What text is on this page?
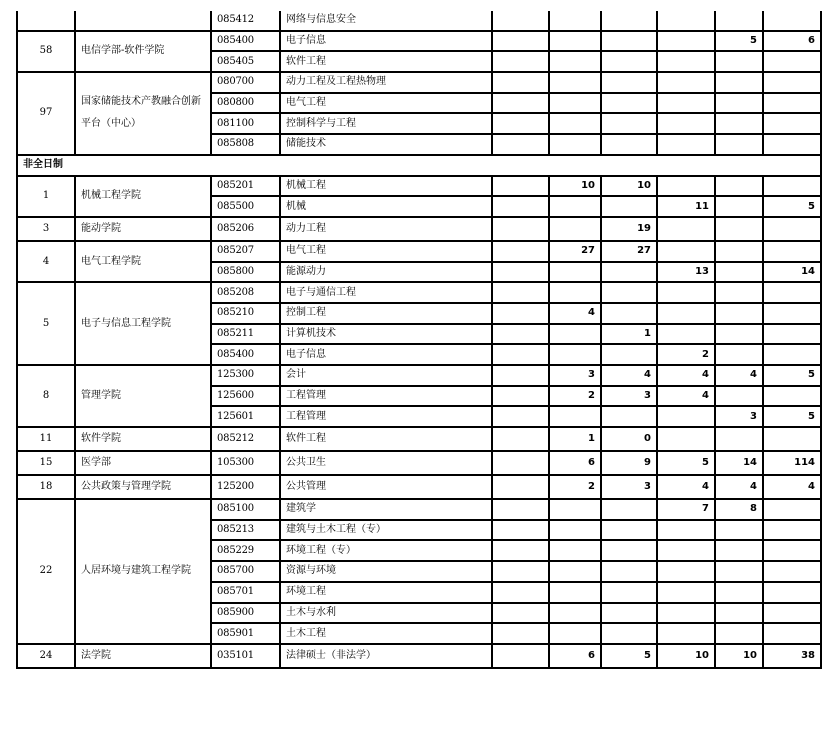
		085412	网络与信息安全							
58	电信学部-软件学院	085400	电子信息					5	6	
		085405	软件工程							
97	国家储能技术产教融合创新平台（中心）	080700	动力工程及工程热物理							
		080800	电气工程							
		081100	控制科学与工程							
		085808	储能技术							
非全日制										
1	机械工程学院	085201	机械工程		10	10				
		085500	机械				11		5	
3	能动学院	085206	动力工程			19				
4	电气工程学院	085207	电气工程		27	27				
		085800	能源动力				13		14	
5	电子与信息工程学院	085208	电子与通信工程							
		085210	控制工程		4					
		085211	计算机技术			1				
		085400	电子信息				2			
8	管理学院	125300	会计		3	4	4	4	5	
		125600	工程管理		2	3	4			
		125601	工程管理					3	5	
11	软件学院	085212	软件工程		1	0				
15	医学部	105300	公共卫生		6	9	5	14	114	
18	公共政策与管理学院	125200	公共管理		2	3	4	4	4	
22	人居环境与建筑工程学院	085100	建筑学				7	8		
		085213	建筑与土木工程（专）							
		085229	环境工程（专）							
		085700	资源与环境							
		085701	环境工程							
		085900	土木与水利							
		085901	土木工程							
24	法学院	035101	法律硕士（非法学）		6	5	10	10	38	
